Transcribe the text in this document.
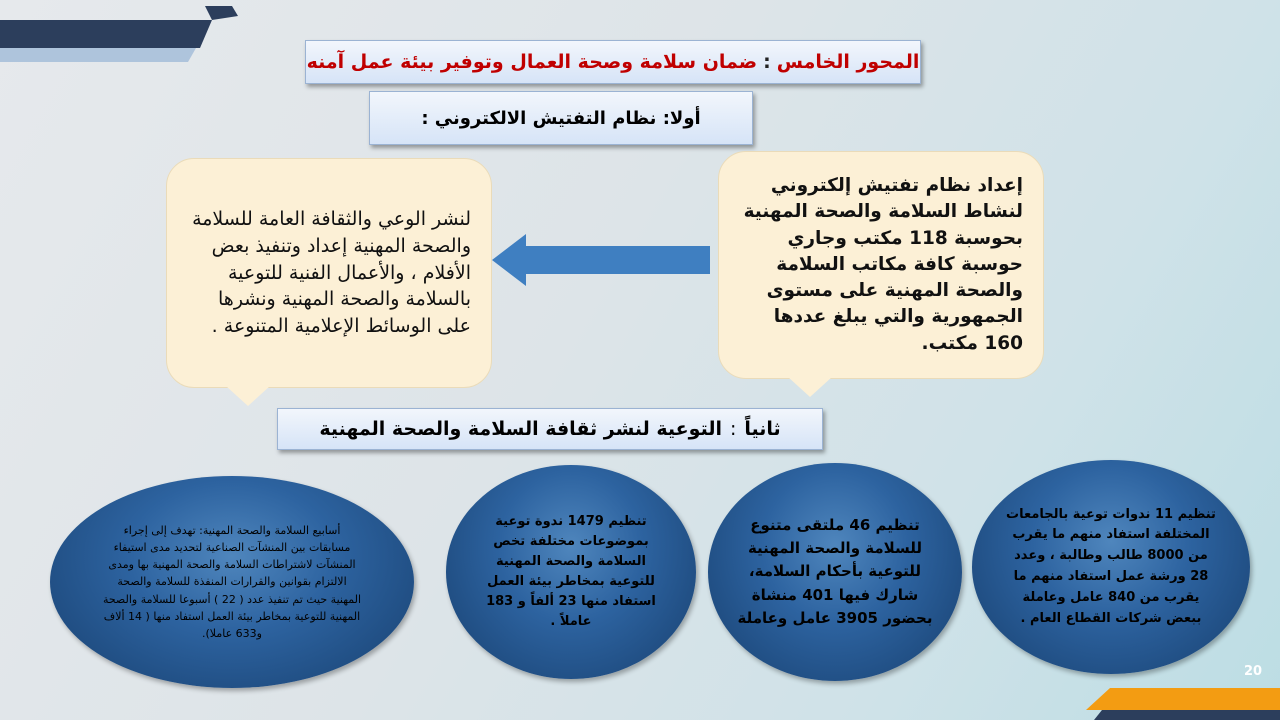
المحور الخامس
:
ضمان سلامة وصحة العمال وتوفير بيئة عمل آمنه
أولا: نظام التفتيش الالكتروني :
إعداد نظام تفتيش إلكتروني لنشاط السلامة والصحة المهنية بحوسبة 118 مكتب وجاري حوسبة كافة مكاتب السلامة والصحة المهنية على مستوى الجمهورية والتي يبلغ عددها 160 مكتب.
لنشر الوعي والثقافة العامة للسلامة والصحة المهنية إعداد وتنفيذ بعض الأفلام ، والأعمال الفنية للتوعية بالسلامة والصحة المهنية ونشرها على الوسائط الإعلامية المتنوعة .
ثانياً
:
التوعية لنشر ثقافة السلامة والصحة المهنية

تنظيم 11 ندوات توعية بالجامعات المختلفة استفاد منهم ما يقرب من 8000 طالب وطالبة ، وعدد 28 ورشة عمل استفاد منهم ما يقرب من 840 عامل وعاملة ببعض شركات القطاع العام .

تنظيم 46 ملتقى متنوع للسلامة والصحة المهنية للتوعية بأحكام السلامة، شارك فيها 401 منشاة بحضور 3905 عامل وعاملة

تنظيم 1479 ندوة توعية بموضوعات مختلفة تخص السلامة والصحة المهنية للتوعية بمخاطر بيئة العمل استفاد منها 23 ألفاً و 183 عاملاً .

أسابيع السلامة والصحة المهنية: تهدف إلى إجراء مسابقات بين المنشآت الصناعية لتحديد مدى استيفاء المنشآت لاشتراطات السلامة والصحة المهنية بها ومدى الالتزام بقوانين والقرارات المنفذة للسلامة والصحة المهنية حيث تم تنفيذ عدد ( 22 ) أسبوعا للسلامة والصحة المهنية للتوعية بمخاطر بيئة العمل استفاد منها ( 14 ألاف و633 عاملا).

20
